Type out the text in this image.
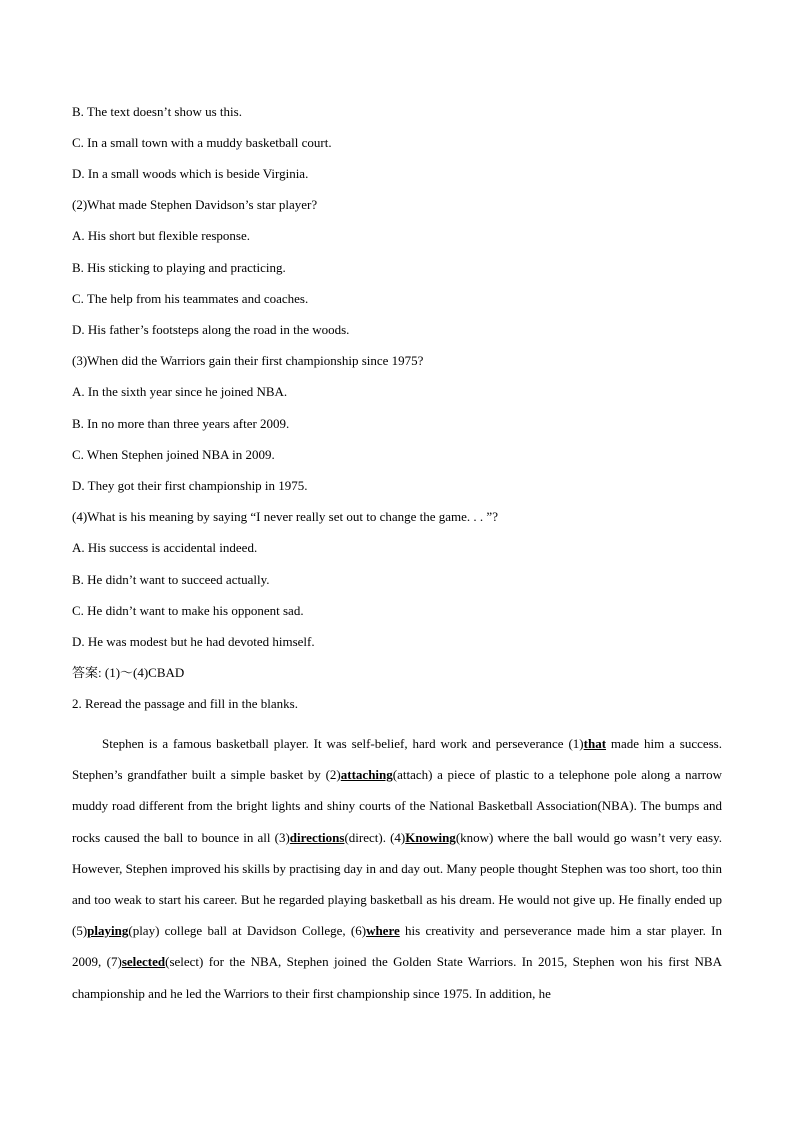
B. The text doesn’t show us this.
C. In a small town with a muddy basketball court.
D. In a small woods which is beside Virginia.
(2)What made Stephen Davidson’s star player?
A. His short but flexible response.
B. His sticking to playing and practicing.
C. The help from his teammates and coaches.
D. His father’s footsteps along the road in the woods.
(3)When did the Warriors gain their first championship since 1975?
A. In the sixth year since he joined NBA.
B. In no more than three years after 2009.
C. When Stephen joined NBA in 2009.
D. They got their first championship in 1975.
(4)What is his meaning by saying “I never really set out to change the game. . . ”?
A. His success is accidental indeed.
B. He didn’t want to succeed actually.
C. He didn’t want to make his opponent sad.
D. He was modest but he had devoted himself.
答案: (1)～(4)CBAD
2. Reread the passage and fill in the blanks.

Stephen is a famous basketball player. It was self-belief, hard work and perseverance (1)that made him a success. Stephen’s grandfather built a simple basket by (2)attaching(attach) a piece of plastic to a telephone pole along a narrow muddy road different from the bright lights and shiny courts of the National Basketball Association(NBA). The bumps and rocks caused the ball to bounce in all (3)directions(direct). (4)Knowing(know) where the ball would go wasn’t very easy. However, Stephen improved his skills by practising day in and day out. Many people thought Stephen was too short, too thin and too weak to start his career. But he regarded playing basketball as his dream. He would not give up. He finally ended up (5)playing(play) college ball at Davidson College, (6)where his creativity and perseverance made him a star player. In 2009, (7)selected(select) for the NBA, Stephen joined the Golden State Warriors. In 2015, Stephen won his first NBA championship and he led the Warriors to their first championship since 1975. In addition, he
